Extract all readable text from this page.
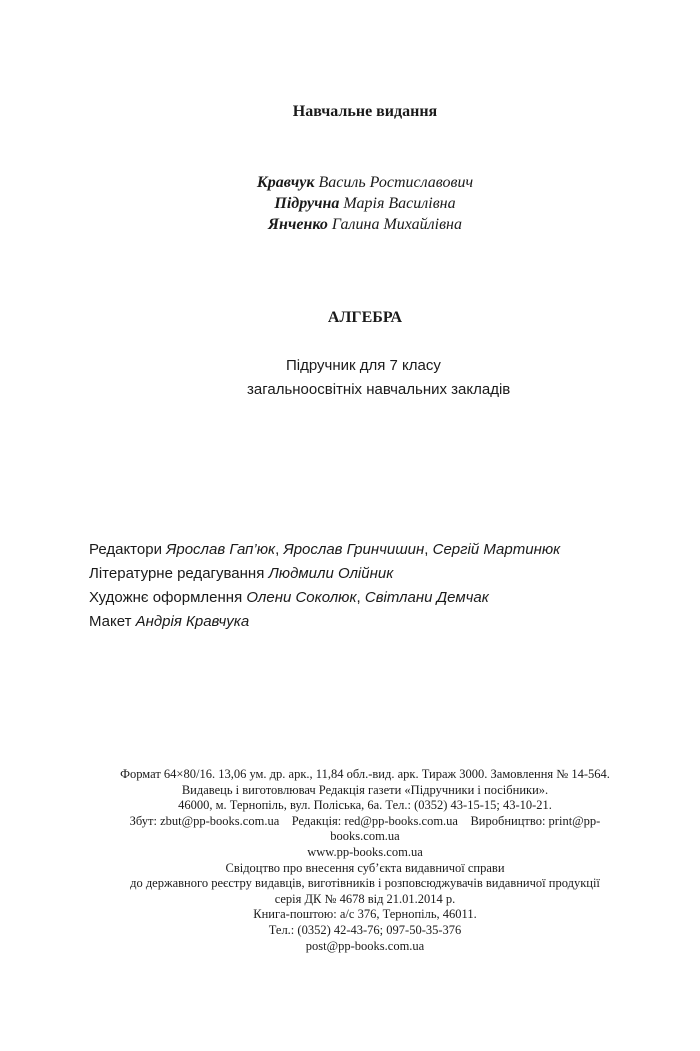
Навчальне видання
Кравчук Василь Ростиславович
Підручна Марія Василівна
Янченко Галина Михайлівна
АЛГЕБРА
Підручник для 7 класу
загальноосвітніх навчальних закладів
Редактори Ярослав Гап’юк, Ярослав Гринчишин, Сергій Мартинюк
Літературне редагування Людмили Олійник
Художнє оформлення Олени Соколюк, Світлани Демчак
Макет Андрія Кравчука
Формат 64×80/16. 13,06 ум. др. арк., 11,84 обл.-вид. арк. Тираж 3000. Замовлення № 14-564.
Видавець і виготовлювач Редакція газети «Підручники і посібники».
46000, м. Тернопіль, вул. Поліська, 6а. Тел.: (0352) 43-15-15; 43-10-21.
Збут: zbut@pp-books.com.ua    Редакція: red@pp-books.com.ua    Виробництво: print@pp-
books.com.ua
www.pp-books.com.ua
Свідоцтво про внесення суб’єкта видавничої справи
до державного реєстру видавців, виготівників і розповсюджувачів видавничої продукції
серія ДК № 4678 від 21.01.2014 р.
Книга-поштою: а/с 376, Тернопіль, 46011.
Тел.: (0352) 42-43-76; 097-50-35-376
post@pp-books.com.ua
